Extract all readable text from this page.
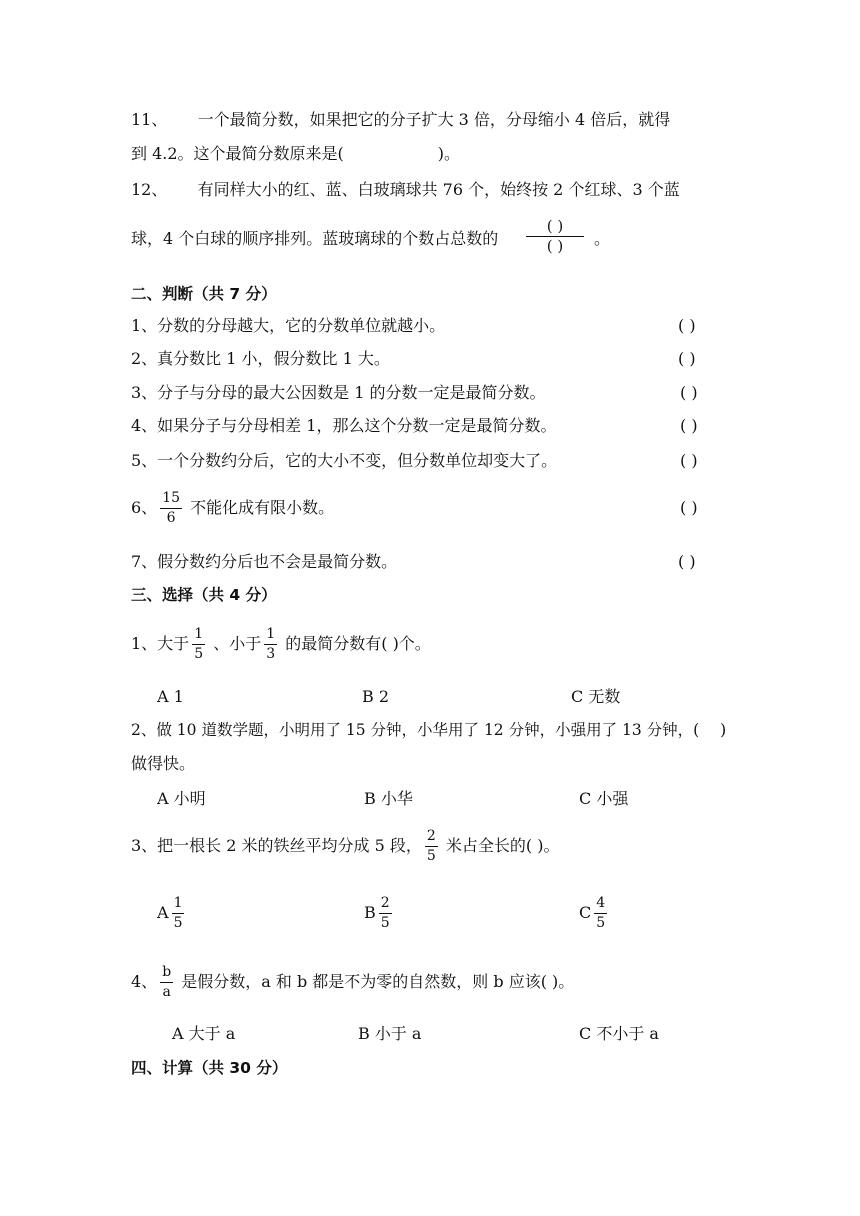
11、 一个最简分数，如果把它的分子扩大 3 倍，分母缩小 4 倍后，就得
到 4.2。这个最简分数原来是(	)。
12、 有同样大小的红、蓝、白玻璃球共 76 个，始终按 2 个红球、3 个蓝
球，4 个白球的顺序排列。蓝玻璃球的个数占总数的
( )
( )	。
二、判断（共 7 分）
1、分数的分母越大，它的分数单位就越小。	( )
2、真分数比 1 小，假分数比 1 大。	( )
3、分子与分母的最大公因数是 1 的分数一定是最简分数。	( )
4、如果分子与分母相差 1，那么这个分数一定是最简分数。	( )
5、一个分数约分后，它的大小不变，但分数单位却变大了。	( )
6、 $\frac{15}{6}$ 不能化成有限小数。	( )
7、假分数约分后也不会是最简分数。	( )
三、选择（共 4 分）
1、大于 $\frac{1}{5}$ 、小于 $\frac{1}{3}$ 的最简分数有( )个。
A 1	B 2	C 无数
2、做 10 道数学题，小明用了 15 分钟，小华用了 12 分钟，小强用了 13 分钟，( )
做得快。
A 小明	B 小华	C 小强
3、把一根长 2 米的铁丝平均分成 5 段， $\frac{2}{5}$ 米占全长的( )。
A $\frac{1}{5}$	B $\frac{2}{5}$	C $\frac{4}{5}$
4、 $\frac{b}{a}$ 是假分数，a 和 b 都是不为零的自然数，则 b 应该( )。
A 大于 a	B 小于 a	C 不小于 a
四、计算（共 30 分）
